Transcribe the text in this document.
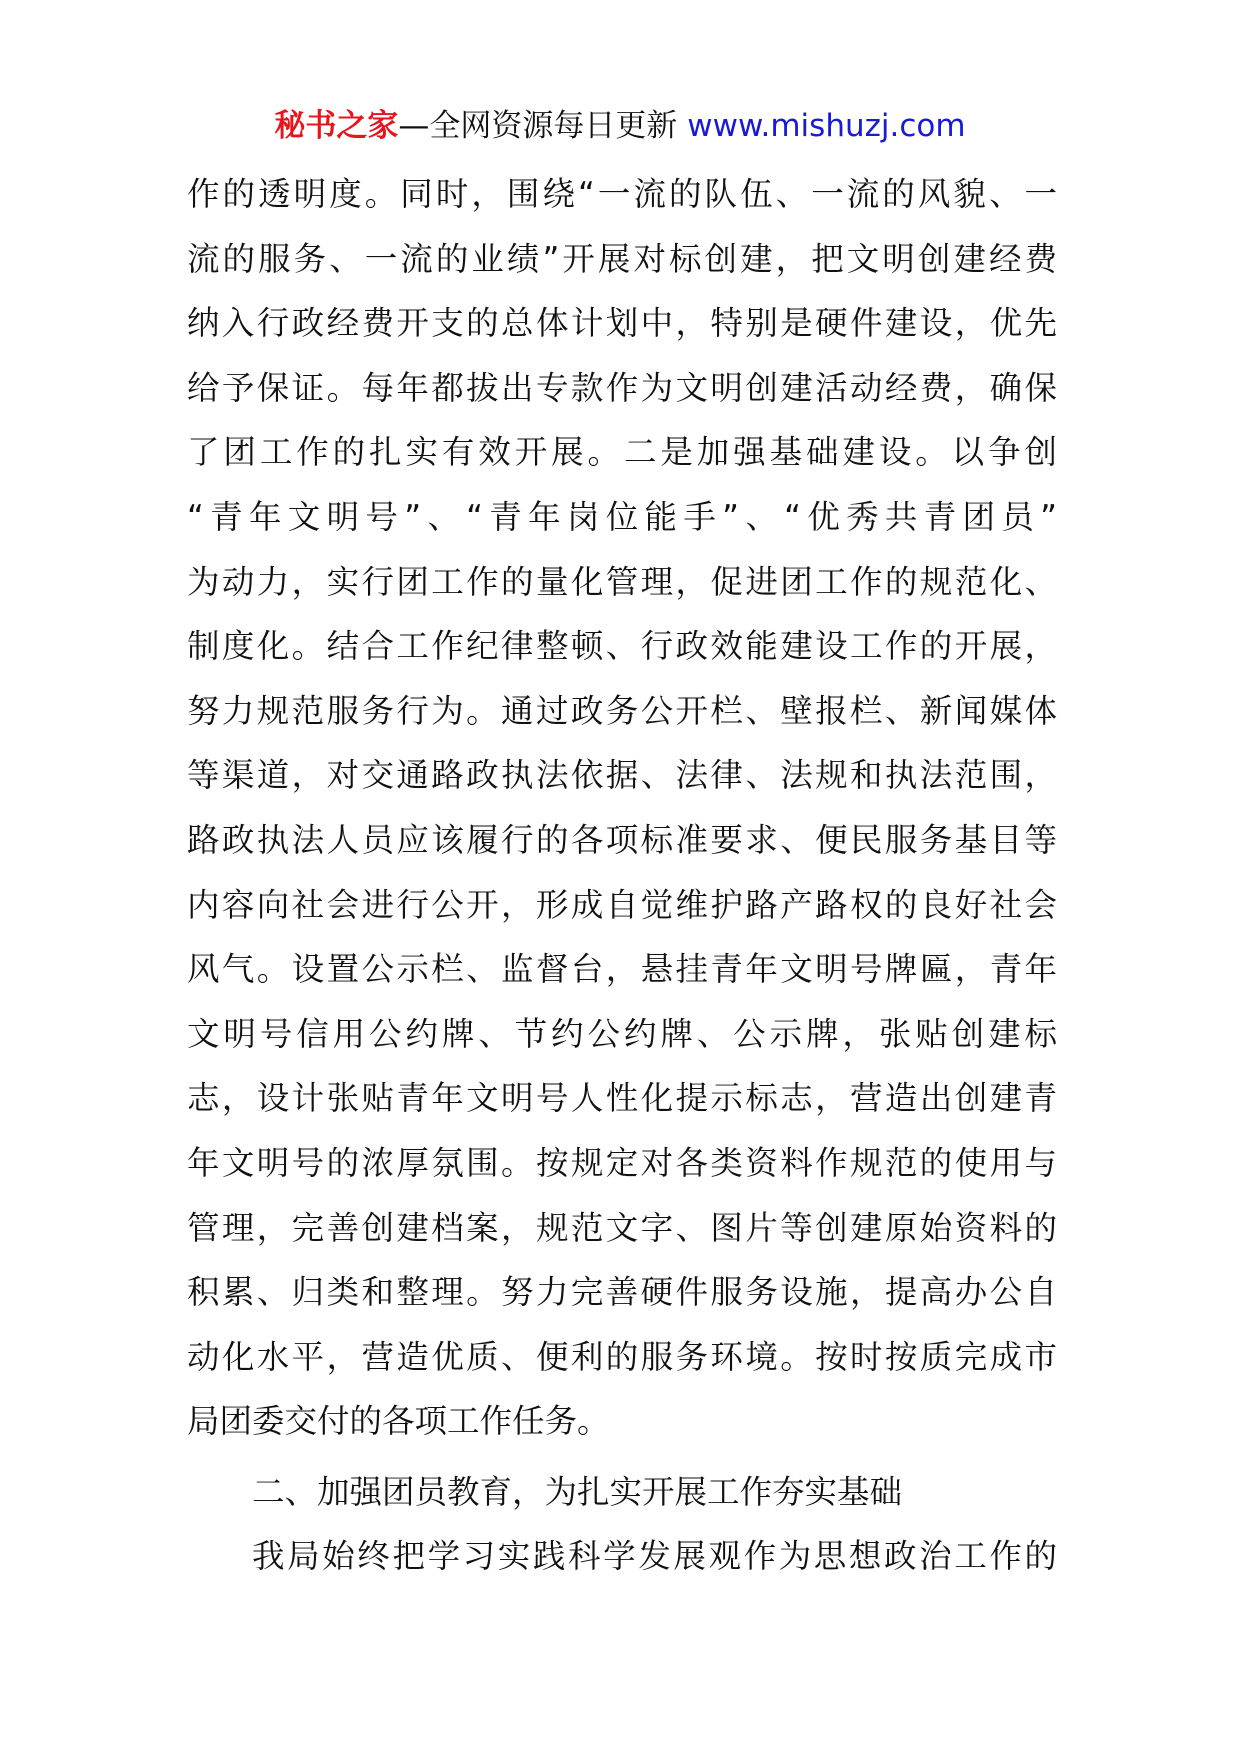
秘书之家—全网资源每日更新 www.mishuzj.com
作的透明度。同时，围绕“一流的队伍、一流的风貌、一
流的服务、一流的业绩”开展对标创建，把文明创建经费
纳入行政经费开支的总体计划中，特别是硬件建设，优先
给予保证。每年都拔出专款作为文明创建活动经费，确保
了团工作的扎实有效开展。二是加强基础建设。以争创
“青年文明号”、“青年岗位能手”、“优秀共青团员”
为动力，实行团工作的量化管理，促进团工作的规范化、
制度化。结合工作纪律整顿、行政效能建设工作的开展，
努力规范服务行为。通过政务公开栏、壁报栏、新闻媒体
等渠道，对交通路政执法依据、法律、法规和执法范围，
路政执法人员应该履行的各项标准要求、便民服务基目等
内容向社会进行公开，形成自觉维护路产路权的良好社会
风气。设置公示栏、监督台，悬挂青年文明号牌匾，青年
文明号信用公约牌、节约公约牌、公示牌，张贴创建标
志，设计张贴青年文明号人性化提示标志，营造出创建青
年文明号的浓厚氛围。按规定对各类资料作规范的使用与
管理，完善创建档案，规范文字、图片等创建原始资料的
积累、归类和整理。努力完善硬件服务设施，提高办公自
动化水平，营造优质、便利的服务环境。按时按质完成市
局团委交付的各项工作任务。
二、加强团员教育，为扎实开展工作夯实基础
我局始终把学习实践科学发展观作为思想政治工作的
